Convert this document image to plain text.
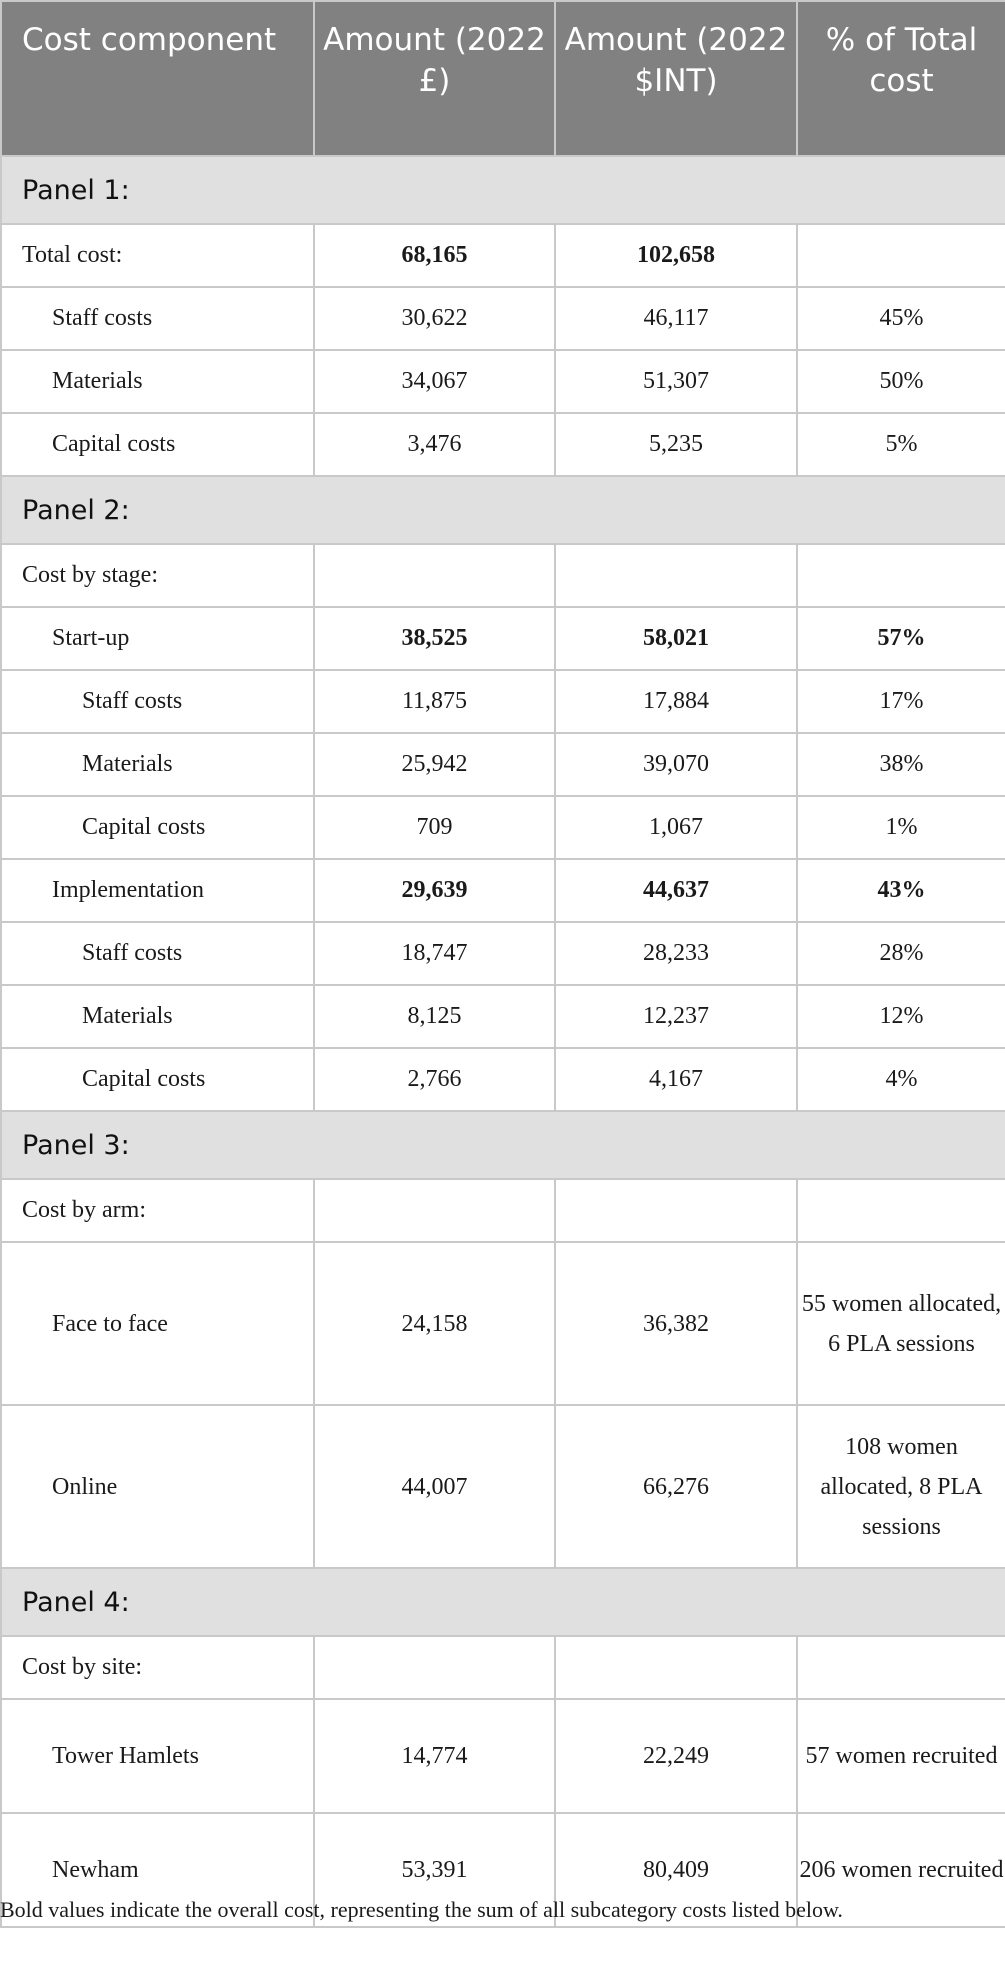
Cost component	Amount (2022 £)	Amount (2022 $INT)	% of Total cost
Panel 1:			
Total cost:	68,165	102,658	
Staff costs	30,622	46,117	45%
Materials	34,067	51,307	50%
Capital costs	3,476	5,235	5%
Panel 2:			
Cost by stage:			
Start-up	38,525	58,021	57%
Staff costs	11,875	17,884	17%
Materials	25,942	39,070	38%
Capital costs	709	1,067	1%
Implementation	29,639	44,637	43%
Staff costs	18,747	28,233	28%
Materials	8,125	12,237	12%
Capital costs	2,766	4,167	4%
Panel 3:			
Cost by arm:			
Face to face	24,158	36,382	55 women allocated, 6 PLA sessions
Online	44,007	66,276	108 women allocated, 8 PLA sessions
Panel 4:			
Cost by site:			
Tower Hamlets	14,774	22,249	57 women recruited
Newham	53,391	80,409	206 women recruited
Bold values indicate the overall cost, representing the sum of all subcategory costs listed below.
